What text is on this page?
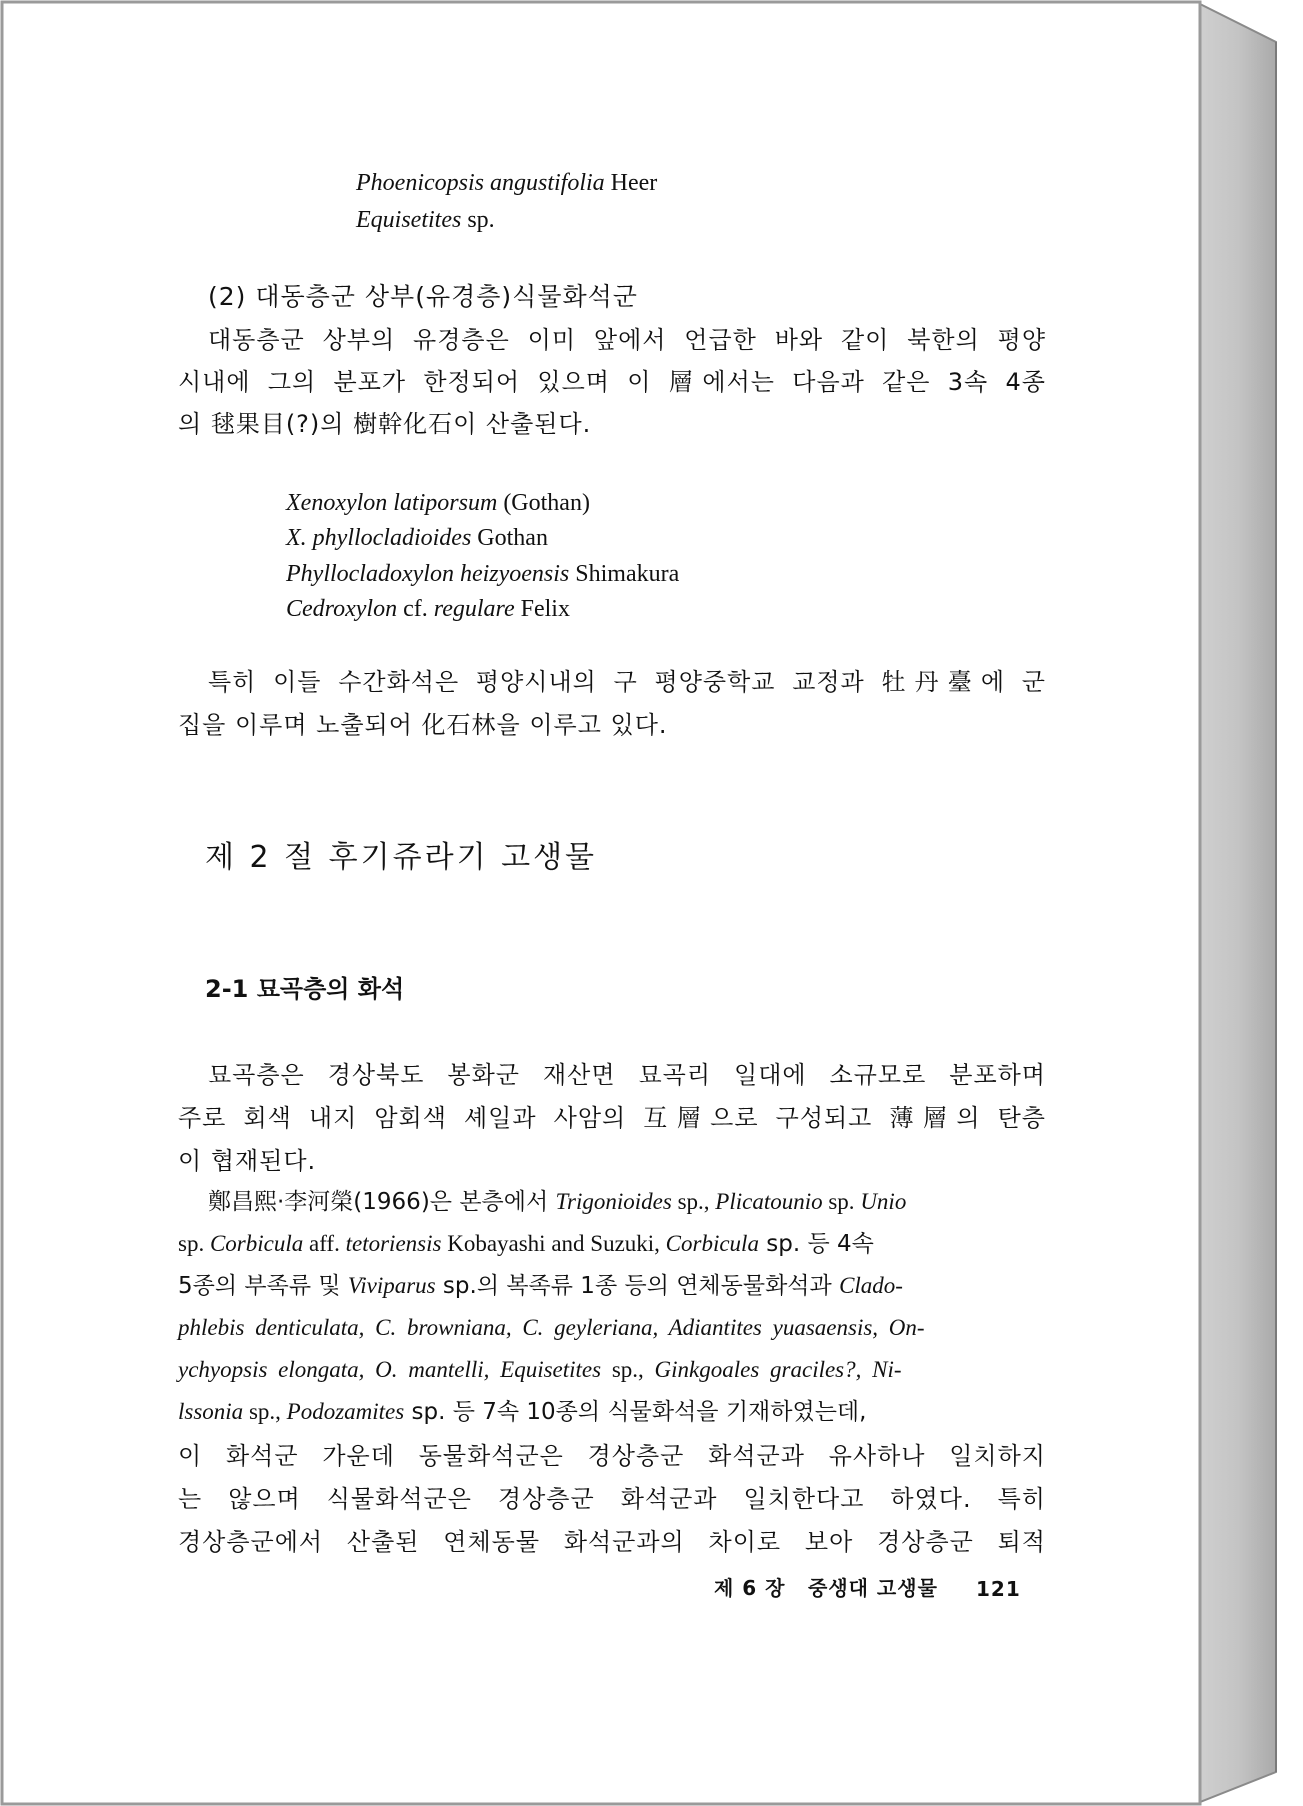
Phoenicopsis angustifolia Heer
Equisetites sp.
(2) 대동층군 상부(유경층)식물화석군
대동층군 상부의 유경층은 이미 앞에서 언급한 바와 같이 북한의 평양
시내에 그의 분포가 한정되어 있으며 이 層에서는 다음과 같은 3속 4종
의 毬果目(?)의 樹幹化石이 산출된다.
Xenoxylon latiporsum (Gothan)
X. phyllocladioides Gothan
Phyllocladoxylon heizyoensis Shimakura
Cedroxylon cf. regulare Felix
특히 이들 수간화석은 평양시내의 구 평양중학교 교정과 牡丹臺에 군
집을 이루며 노출되어 化石林을 이루고 있다.
제 2 절 후기쥬라기 고생물
2-1 묘곡층의 화석
묘곡층은 경상북도 봉화군 재산면 묘곡리 일대에 소규모로 분포하며
주로 회색 내지 암회색 셰일과 사암의 互層으로 구성되고 薄層의 탄층
이 협재된다.
鄭昌熙·李河榮(1966)은 본층에서 Trigonioides sp., Plicatounio sp. Unio
sp. Corbicula aff. tetoriensis Kobayashi and Suzuki, Corbicula sp. 등 4속
5종의 부족류 및 Viviparus sp.의 복족류 1종 등의 연체동물화석과 Clado-
phlebis denticulata, C. browniana, C. geyleriana, Adiantites yuasaensis, On-
ychyopsis elongata, O. mantelli, Equisetites sp., Ginkgoales graciles?, Ni-
lssonia sp., Podozamites sp. 등 7속 10종의 식물화석을 기재하였는데,
이 화석군 가운데 동물화석군은 경상층군 화석군과 유사하나 일치하지
는 않으며 식물화석군은 경상층군 화석군과 일치한다고 하였다. 특히
경상층군에서 산출된 연체동물 화석군과의 차이로 보아 경상층군 퇴적
제 6 장 중생대 고생물 121
